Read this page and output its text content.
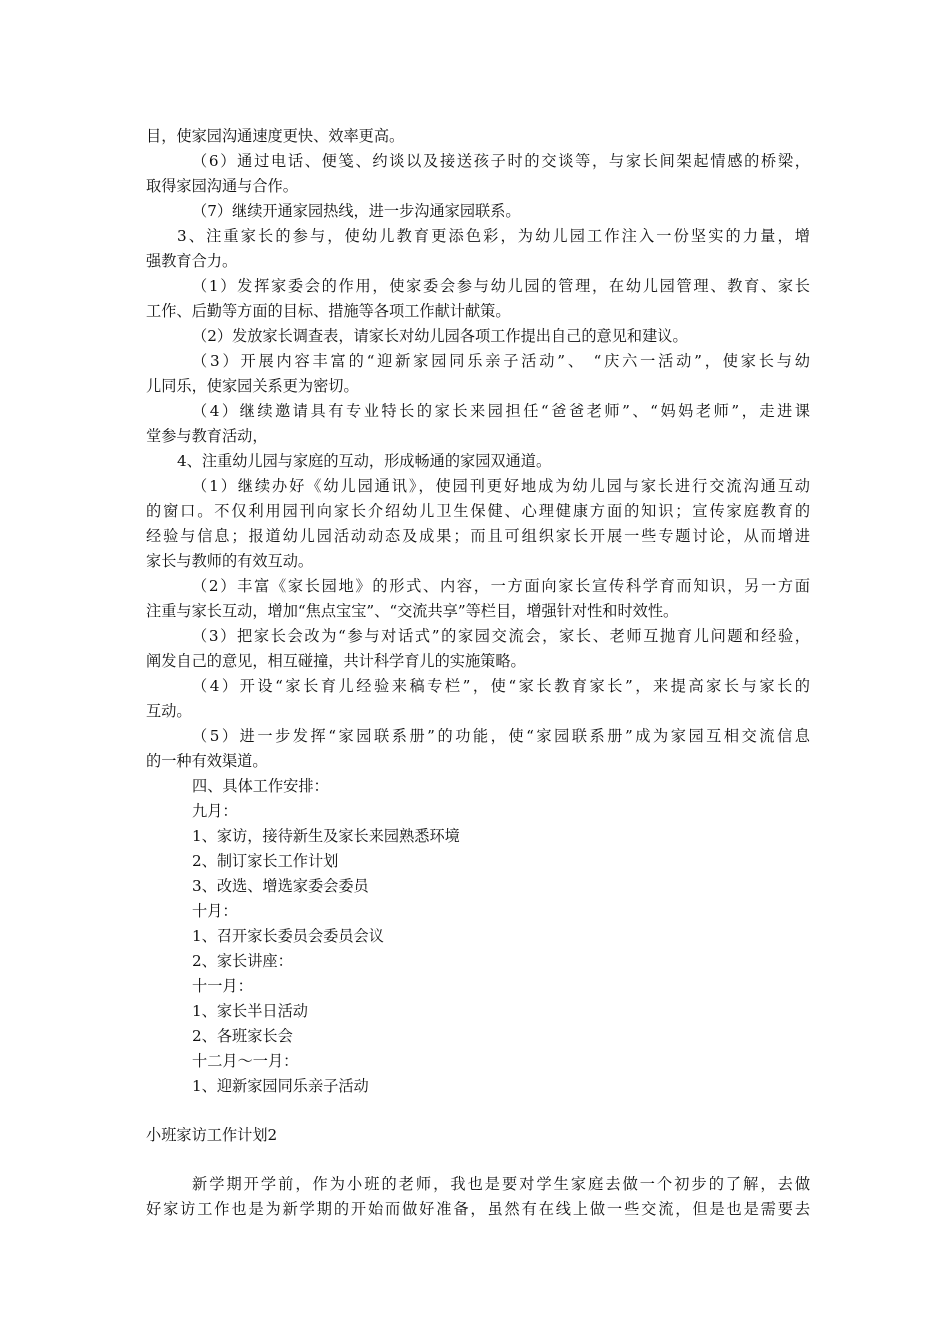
目，使家园沟通速度更快、效率更高。
（6）通过电话、便笺、约谈以及接送孩子时的交谈等，与家长间架起情感的桥梁，
取得家园沟通与合作。
（7）继续开通家园热线，进一步沟通家园联系。
3、注重家长的参与，使幼儿教育更添色彩，为幼儿园工作注入一份坚实的力量，增
强教育合力。
（1）发挥家委会的作用，使家委会参与幼儿园的管理，在幼儿园管理、教育、家长
工作、后勤等方面的目标、措施等各项工作献计献策。
（2）发放家长调查表，请家长对幼儿园各项工作提出自己的意见和建议。
（3）开展内容丰富的“迎新家园同乐亲子活动”、 “庆六一活动”，使家长与幼
儿同乐，使家园关系更为密切。
（4）继续邀请具有专业特长的家长来园担任“爸爸老师”、“妈妈老师”，走进课
堂参与教育活动，
4、注重幼儿园与家庭的互动，形成畅通的家园双通道。
（1）继续办好《幼儿园通讯》，使园刊更好地成为幼儿园与家长进行交流沟通互动
的窗口。不仅利用园刊向家长介绍幼儿卫生保健、心理健康方面的知识；宣传家庭教育的
经验与信息；报道幼儿园活动动态及成果；而且可组织家长开展一些专题讨论，从而增进
家长与教师的有效互动。
（2）丰富《家长园地》的形式、内容，一方面向家长宣传科学育而知识，另一方面
注重与家长互动，增加“焦点宝宝”、“交流共享”等栏目，增强针对性和时效性。
（3）把家长会改为“参与对话式”的家园交流会，家长、老师互抛育儿问题和经验，
阐发自己的意见，相互碰撞，共计科学育儿的实施策略。
（4）开设“家长育儿经验来稿专栏”，使“家长教育家长”，来提高家长与家长的
互动。
（5）进一步发挥“家园联系册”的功能，使“家园联系册”成为家园互相交流信息
的一种有效渠道。
四、具体工作安排：
九月：
1、家访，接待新生及家长来园熟悉环境
2、制订家长工作计划
3、改选、增选家委会委员
十月：
1、召开家长委员会委员会议
2、家长讲座：
十一月：
1、家长半日活动
2、各班家长会
十二月～一月：
1、迎新家园同乐亲子活动
小班家访工作计划2
新学期开学前，作为小班的老师，我也是要对学生家庭去做一个初步的了解，去做
好家访工作也是为新学期的开始而做好准备，虽然有在线上做一些交流，但是也是需要去
